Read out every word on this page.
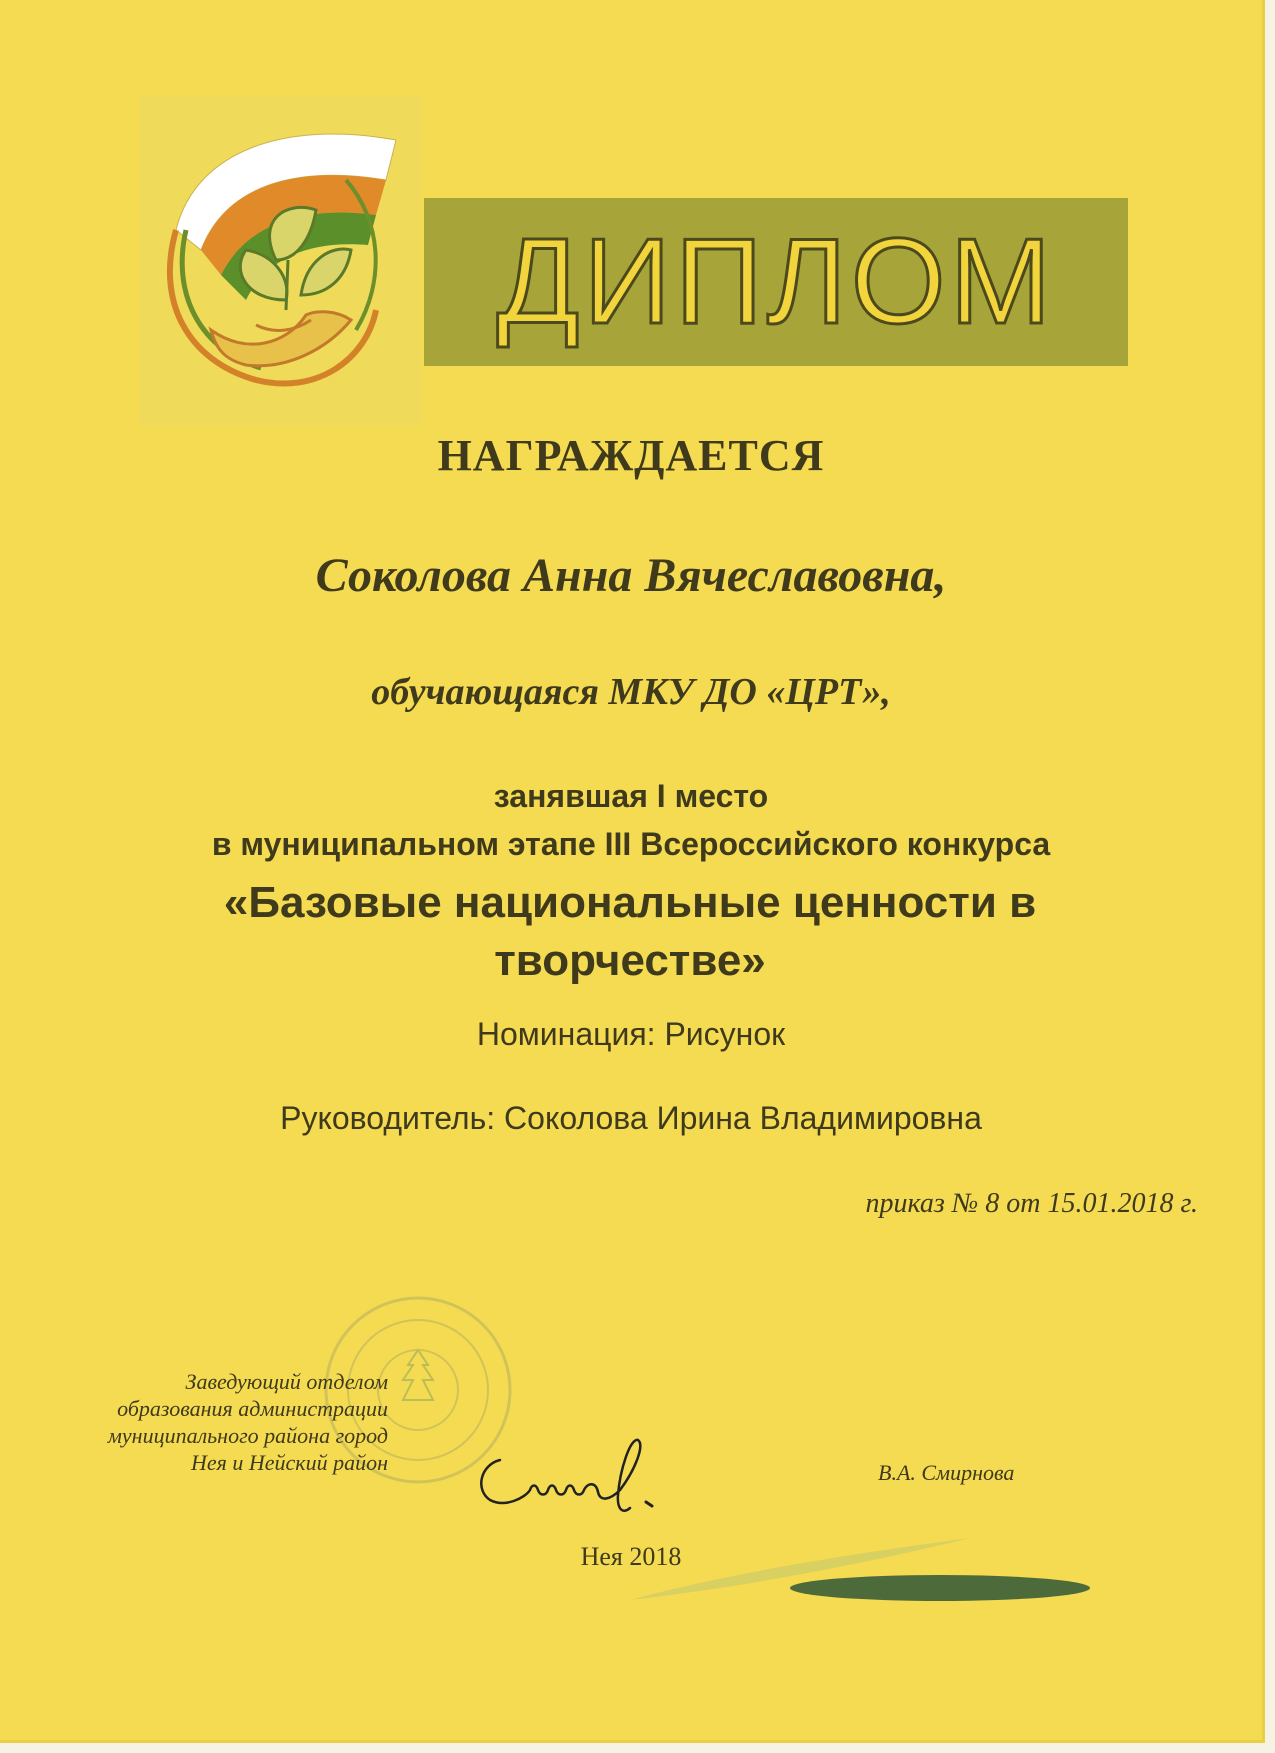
ДИПЛОМ

НАГРАЖДАЕТСЯ

Соколова Анна Вячеславовна,

обучающаяся МКУ ДО «ЦРТ»,

занявшая I место

в муниципальном этапе III Всероссийского конкурса

«Базовые национальные ценности в творчестве»

Номинация: Рисунок

Руководитель: Соколова Ирина Владимировна

приказ № 8 от 15.01.2018 г.

Заведующий отделом образования администрации муниципального района город Нея и Нейский район	В.А. Смирнова

Нея 2018
